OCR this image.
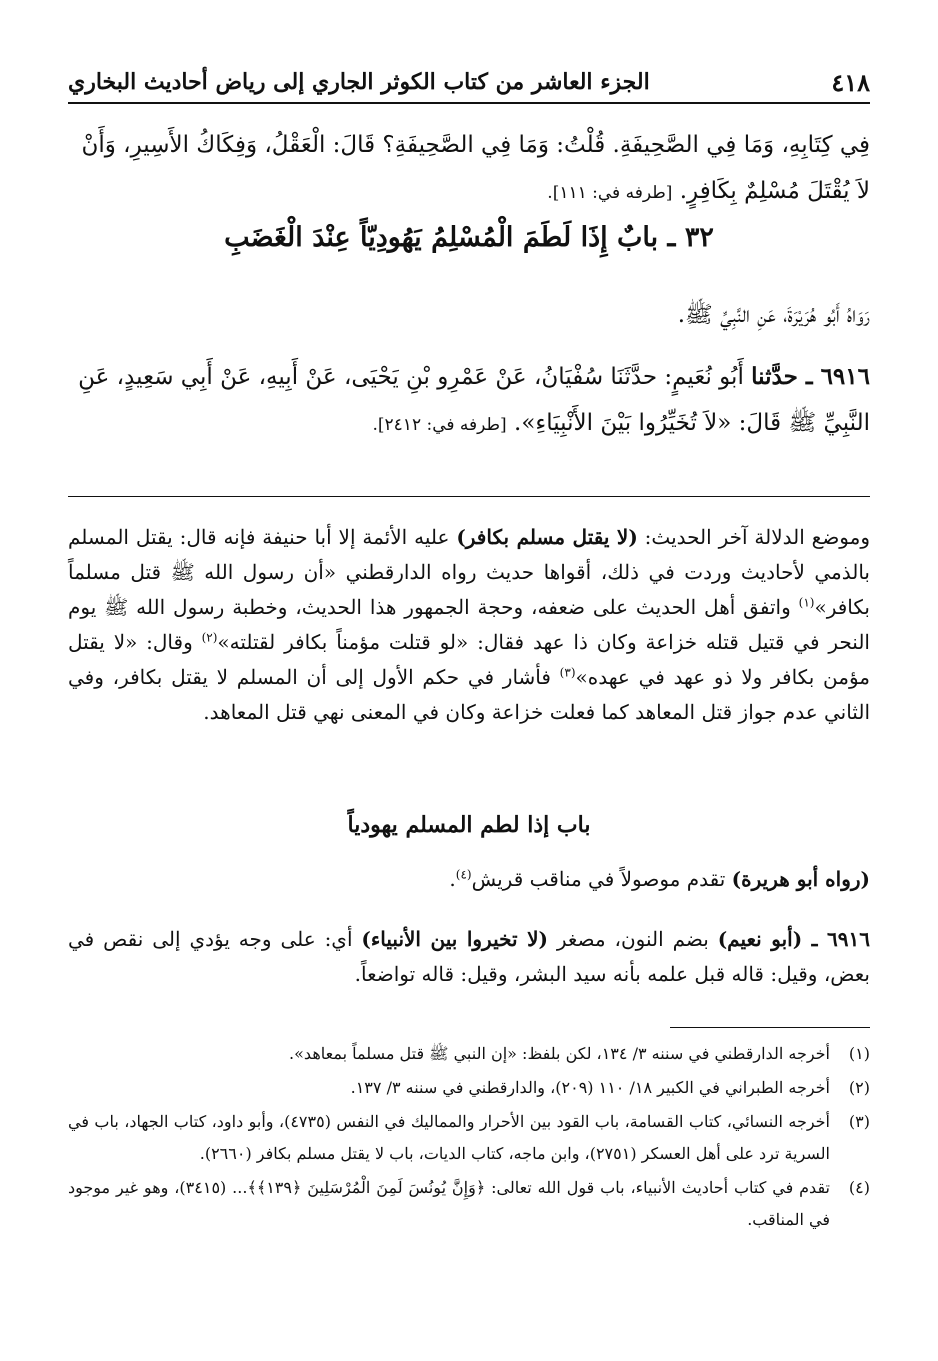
٤١٨
الجزء العاشر من كتاب الكوثر الجاري إلى رياض أحاديث البخاري
فِي كِتَابِهِ، وَمَا فِي الصَّحِيفَةِ. قُلْتُ: وَمَا فِي الصَّحِيفَةِ؟ قَالَ: الْعَقْلُ، وَفِكَاكُ الأَسِيرِ، وَأَنْ لاَ يُقْتَلَ مُسْلِمٌ بِكَافِرٍ. [طرفه في: ١١١].
٣٢ ـ بابٌ إِذَا لَطَمَ الْمُسْلِمُ يَهُودِيّاً عِنْدَ الْغَضَبِ
رَوَاهُ أَبُو هُرَيْرَةَ، عَنِ النَّبِيِّ ﷺ.
٦٩١٦ ـ حدَّثنا أَبُو نُعَيمٍ: حدَّثَنَا سُفْيَانُ، عَنْ عَمْرِو بْنِ يَحْيَى، عَنْ أَبِيهِ، عَنْ أَبِي سَعِيدٍ، عَنِ النَّبِيِّ ﷺ قَالَ: «لاَ تُخَيِّرُوا بَيْنَ الأَنْبِيَاءِ». [طرفه في: ٢٤١٢].
وموضع الدلالة آخر الحديث: (لا يقتل مسلم بكافر) عليه الأئمة إلا أبا حنيفة فإنه قال: يقتل المسلم بالذمي لأحاديث وردت في ذلك، أقواها حديث رواه الدارقطني «أن رسول الله ﷺ قتل مسلماً بكافر»$^{(١)}$ واتفق أهل الحديث على ضعفه، وحجة الجمهور هذا الحديث، وخطبة رسول الله ﷺ يوم النحر في قتيل قتله خزاعة وكان ذا عهد فقال: «لو قتلت مؤمناً بكافر لقتلته»$^{(٢)}$ وقال: «لا يقتل مؤمن بكافر ولا ذو عهد في عهده»$^{(٣)}$ فأشار في حكم الأول إلى أن المسلم لا يقتل بكافر، وفي الثاني عدم جواز قتل المعاهد كما فعلت خزاعة وكان في المعنى نهي قتل المعاهد.
باب إذا لطم المسلم يهودياً
(رواه أبو هريرة) تقدم موصولاً في مناقب قريش$^{(٤)}$.
٦٩١٦ ـ (أبو نعيم) بضم النون، مصغر (لا تخيروا بين الأنبياء) أي: على وجه يؤدي إلى نقص في بعض، وقيل: قاله قبل علمه بأنه سيد البشر، وقيل: قاله تواضعاً.
(١)
أخرجه الدارقطني في سننه ٣/ ١٣٤، لكن بلفظ: «إن النبي ﷺ قتل مسلماً بمعاهد».
(٢)
أخرجه الطبراني في الكبير ١٨/ ١١٠ (٢٠٩)، والدارقطني في سننه ٣/ ١٣٧.
(٣)
أخرجه النسائي، كتاب القسامة، باب القود بين الأحرار والمماليك في النفس (٤٧٣٥)، وأبو داود، كتاب الجهاد، باب في السرية ترد على أهل العسكر (٢٧٥١)، وابن ماجه، كتاب الديات، باب لا يقتل مسلم بكافر (٢٦٦٠).
(٤)
تقدم في كتاب أحاديث الأنبياء، باب قول الله تعالى: ﴿وَإِنَّ يُونُسَ لَمِنَ الْمُرْسَلِينَ ﴿١٣٩﴾﴾... (٣٤١٥)، وهو غير موجود في المناقب.
